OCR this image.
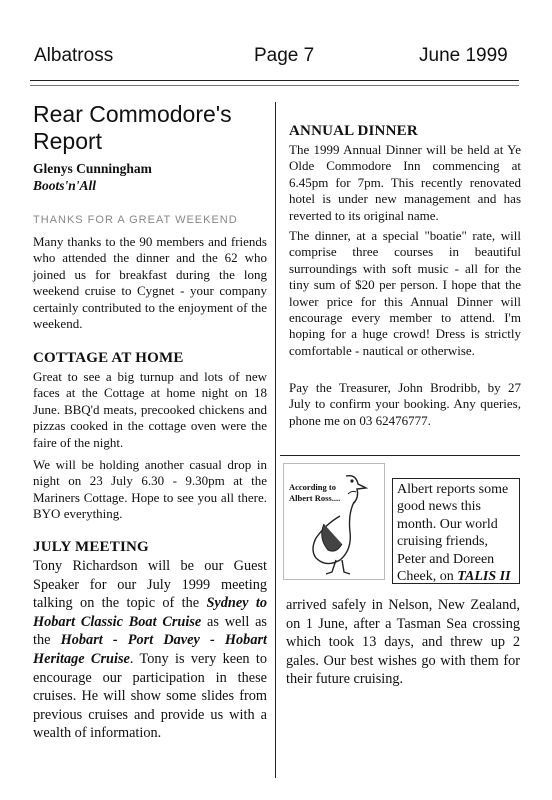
Albatross	Page 7	June 1999
Rear Commodore's
Report
Glenys Cunningham
Boots'n'All
THANKS FOR A GREAT WEEKEND

Many thanks to the 90 members and friends who attended the dinner and the 62 who joined us for breakfast during the long weekend cruise to Cygnet - your company certainly contributed to the enjoyment of the weekend.

COTTAGE AT HOME

Great to see a big turnup and lots of new faces at the Cottage at home night on 18 June. BBQ'd meats, precooked chickens and pizzas cooked in the cottage oven were the faire of the night.

We will be holding another casual drop in night on 23 July 6.30 - 9.30pm at the Mariners Cottage. Hope to see you all there. BYO everything.

JULY MEETING

Tony Richardson will be our Guest Speaker for our July 1999 meeting talking on the topic of the Sydney to Hobart Classic Boat Cruise as well as the Hobart - Port Davey - Hobart Heritage Cruise. Tony is very keen to encourage our participation in these cruises. He will show some slides from previous cruises and provide us with a wealth of information.

ANNUAL DINNER

The 1999 Annual Dinner will be held at Ye Olde Commodore Inn commencing at 6.45pm for 7pm. This recently renovated hotel is under new management and has reverted to its original name.

The dinner, at a special "boatie" rate, will comprise three courses in beautiful surroundings with soft music - all for the tiny sum of $20 per person. I hope that the lower price for this Annual Dinner will encourage every member to attend. I'm hoping for a huge crowd! Dress is strictly comfortable - nautical or otherwise.

Pay the Treasurer, John Brodribb, by 27 July to confirm your booking. Any queries, phone me on 03 62476777.

According to
Albert Ross....
Albert reports some good news this month. Our world cruising friends, Peter and Doreen Cheek, on TALIS II

arrived safely in Nelson, New Zealand, on 1 June, after a Tasman Sea crossing which took 13 days, and threw up 2 gales. Our best wishes go with them for their future cruising.
